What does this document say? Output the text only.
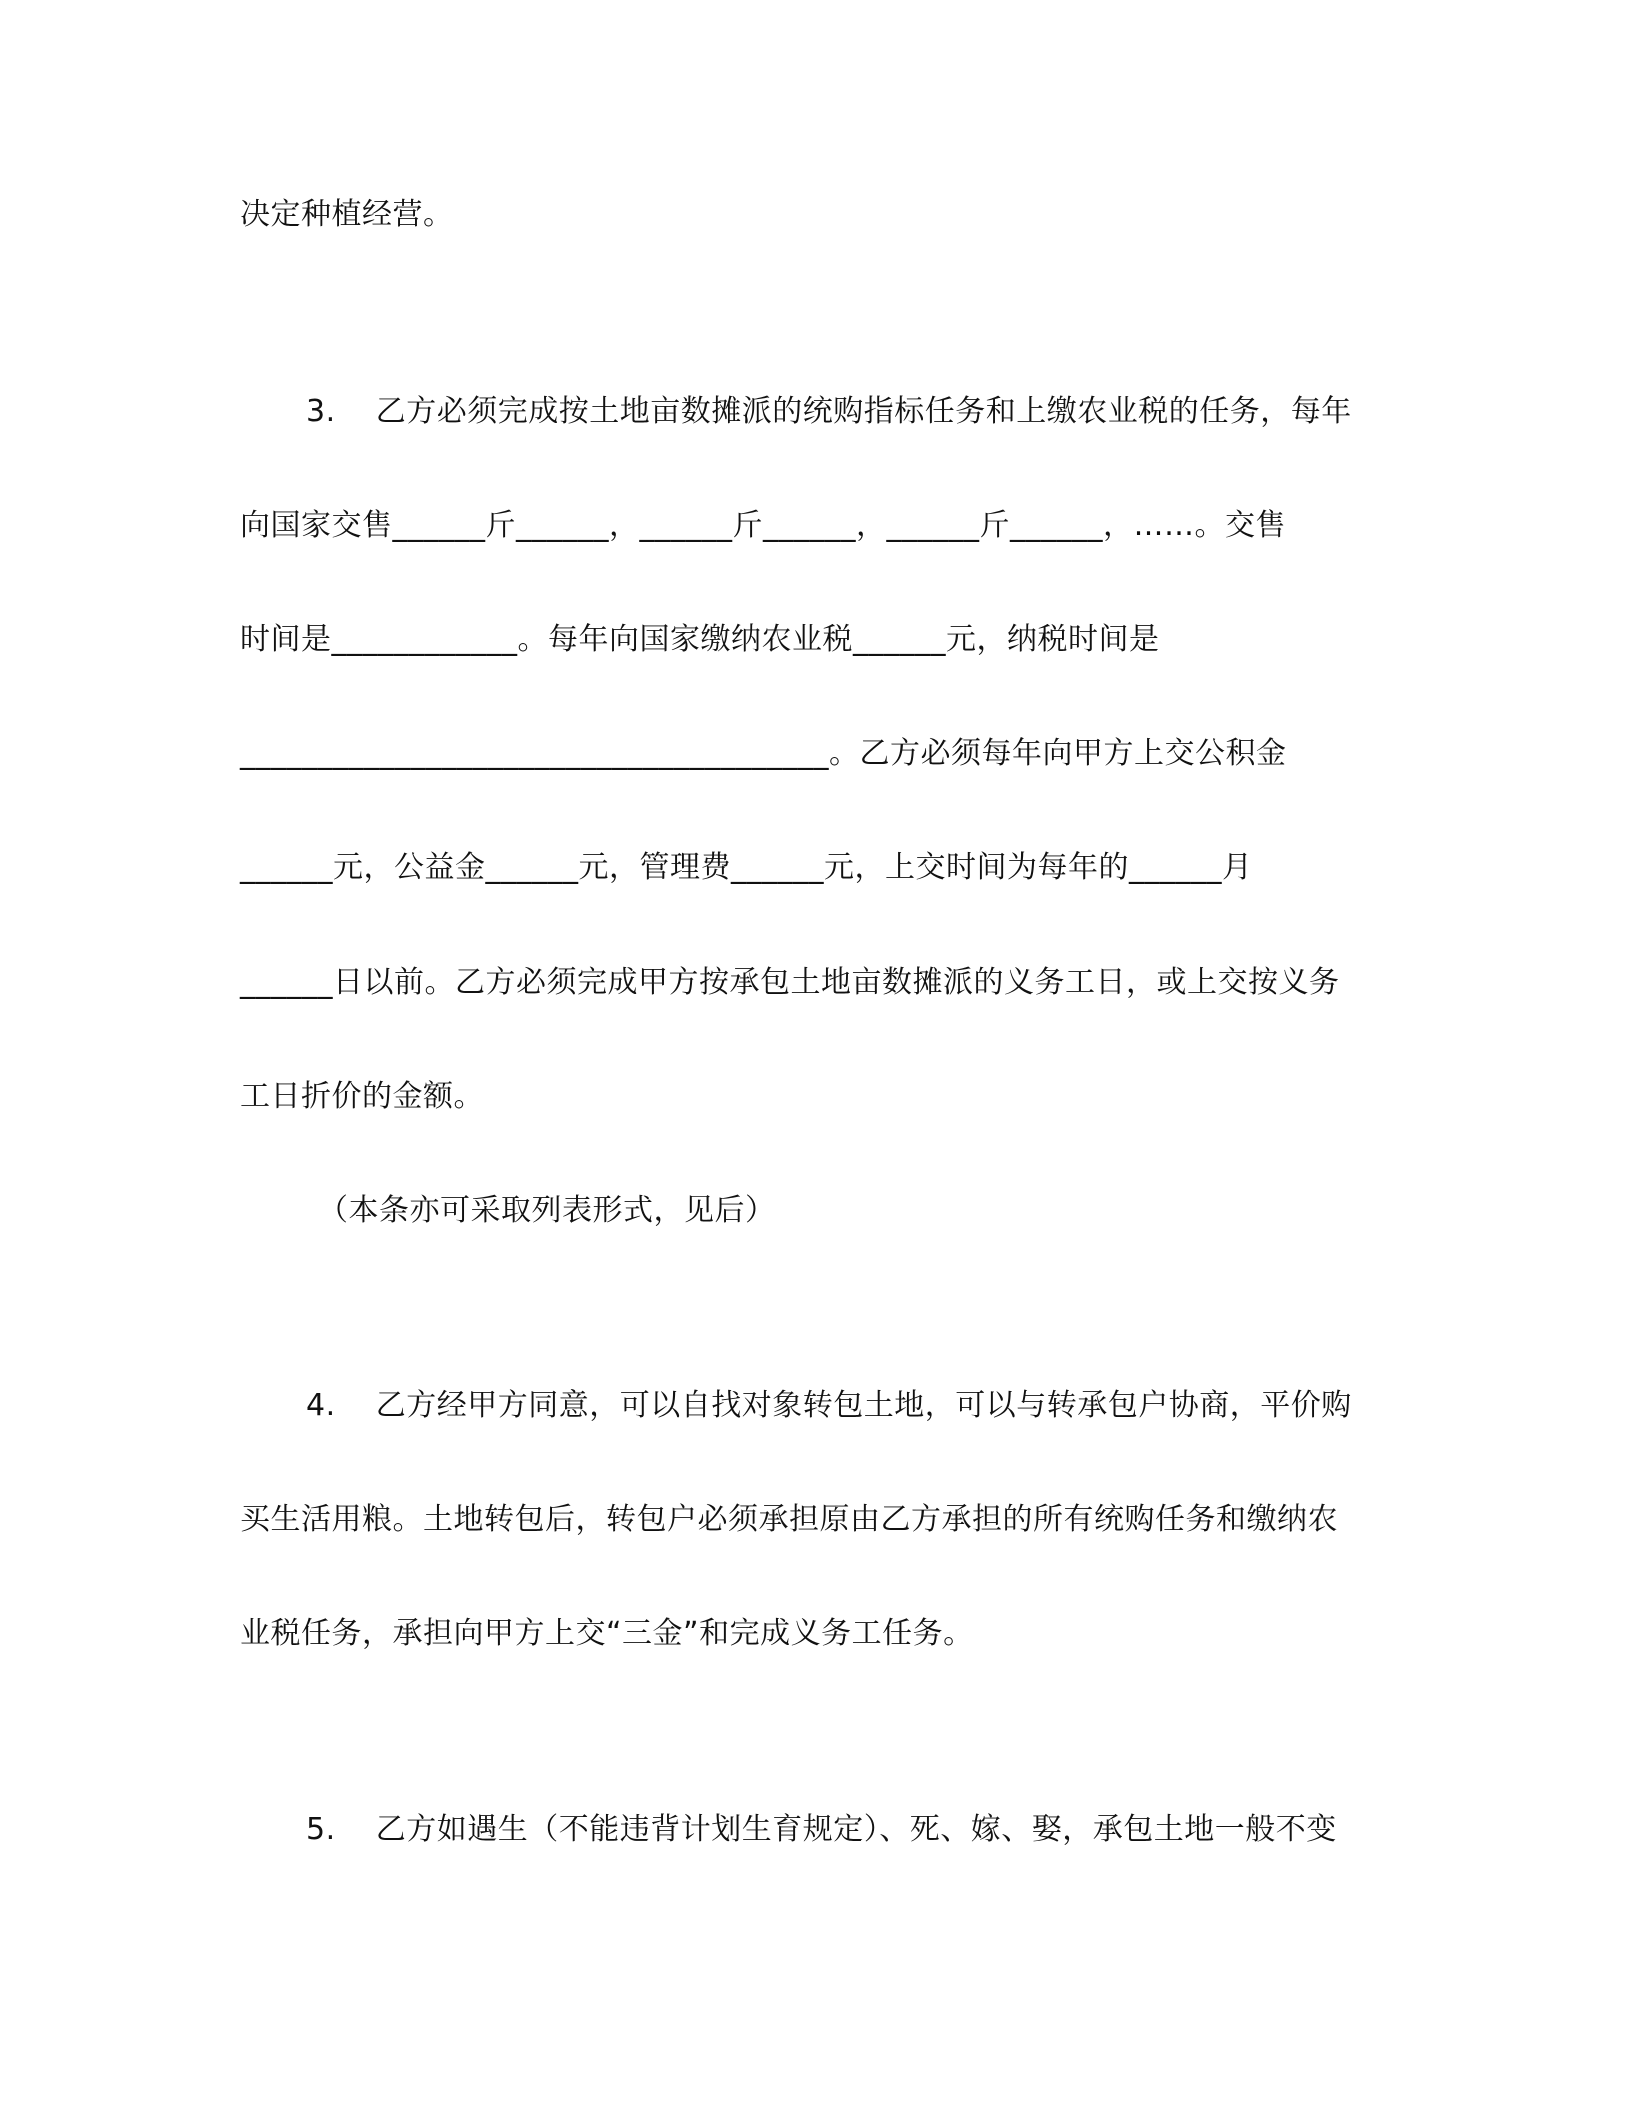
决定种植经营。
3. 乙方必须完成按土地亩数摊派的统购指标任务和上缴农业税的任务，每年
向国家交售______斤______，______斤______，______斤______，……。交售
时间是____________。每年向国家缴纳农业税______元，纳税时间是
______________________________________。乙方必须每年向甲方上交公积金
______元，公益金______元，管理费______元，上交时间为每年的______月
______日以前。乙方必须完成甲方按承包土地亩数摊派的义务工日，或上交按义务
工日折价的金额。
（本条亦可采取列表形式，见后）
4. 乙方经甲方同意，可以自找对象转包土地，可以与转承包户协商，平价购
买生活用粮。土地转包后，转包户必须承担原由乙方承担的所有统购任务和缴纳农
业税任务，承担向甲方上交“三金”和完成义务工任务。
5. 乙方如遇生（不能违背计划生育规定）、死、嫁、娶，承包土地一般不变
